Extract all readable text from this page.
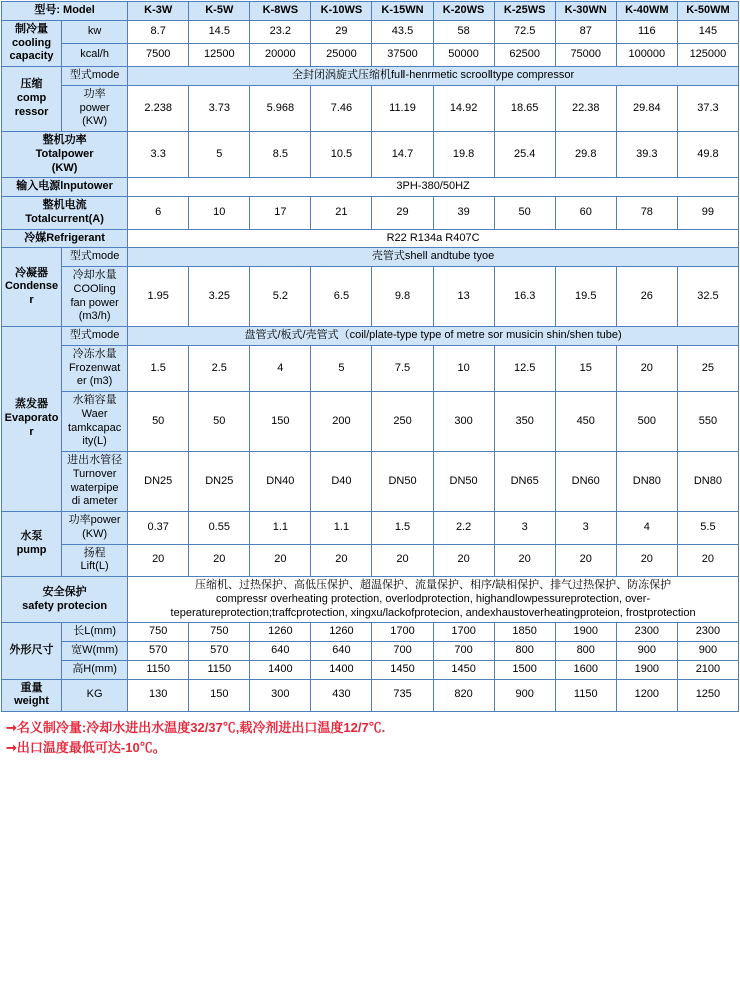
型号: Model		K-3W	K-5W	K-8WS	K-10WS	K-15WN	K-20WS	K-25WS	K-30WN	K-40WM	K-50WM
制冷量
cooling
capacity	kw	8.7	14.5	23.2	29	43.5	58	72.5	87	116	145
	kcal/h	7500	12500	20000	25000	37500	50000	62500	75000	100000	125000
压缩
comp
ressor	型式mode	全封闭涡旋式压缩机fuⅡ-henrmetic scrooⅡtype compressor									
	功率
power
(KW)	2.238	3.73	5.968	7.46	11.19	14.92	18.65	22.38	29.84	37.3
整机功率
Totalpower
(KW)		3.3	5	8.5	10.5	14.7	19.8	25.4	29.8	39.3	49.8
输入电源lnputower		3PH-380/50HZ									
整机电流
Totalcurrent(A)		6	10	17	21	29	39	50	60	78	99
冷媒Refrigerant		R22 R134a R407C									
冷凝器
Condenser	型式mode	壳管式shell andtube tyoe									
	冷却水量
COOling
fan power
(m3/h)	1.95	3.25	5.2	6.5	9.8	13	16.3	19.5	26	32.5
蒸发器
Evaporator	型式mode	盘管式/板式/壳管式（coil/plate-type type of metre sor musicin shin/shen tube)									
	冷冻水量
Frozenwat
er (m3)	1.5	2.5	4	5	7.5	10	12.5	15	20	25
	水箱容量
Waer
tamkcapac
ity(L)	50	50	150	200	250	300	350	450	500	550
	进出水管径
Turnover
waterpipe
di ameter	DN25	DN25	DN40	D40	DN50	DN50	DN65	DN60	DN80	DN80
水泵
pump	功率power
(KW)	0.37	0.55	1.1	1.1	1.5	2.2	3	3	4	5.5
	扬程
Lift(L)	20	20	20	20	20	20	20	20	20	20
安全保护
safety protecion		压缩机、过热保护、高低压保护、超温保护、流量保护、相序/缺相保护、排气过热保护、防冻保护
compressr overheating protection, overlodprotection, highandlowpessureprotection, over-teperatureprotection;traffcprotection, xingxu/lackofprotecion, andexhaustoverheatingproteion, frostprotection									
外形尺寸	长L(mm)	750	750	1260	1260	1700	1700	1850	1900	2300	2300
	宽W(mm)	570	570	640	640	700	700	800	800	900	900
	高H(mm)	1150	1150	1400	1400	1450	1450	1500	1600	1900	2100
重量
weight	KG	130	150	300	430	735	820	900	1150	1200	1250
➞ 名义制冷量:冷却水进出水温度32/37℃,载冷剂进出口温度12/7℃.
➞ 出口温度最低可达-10℃。
